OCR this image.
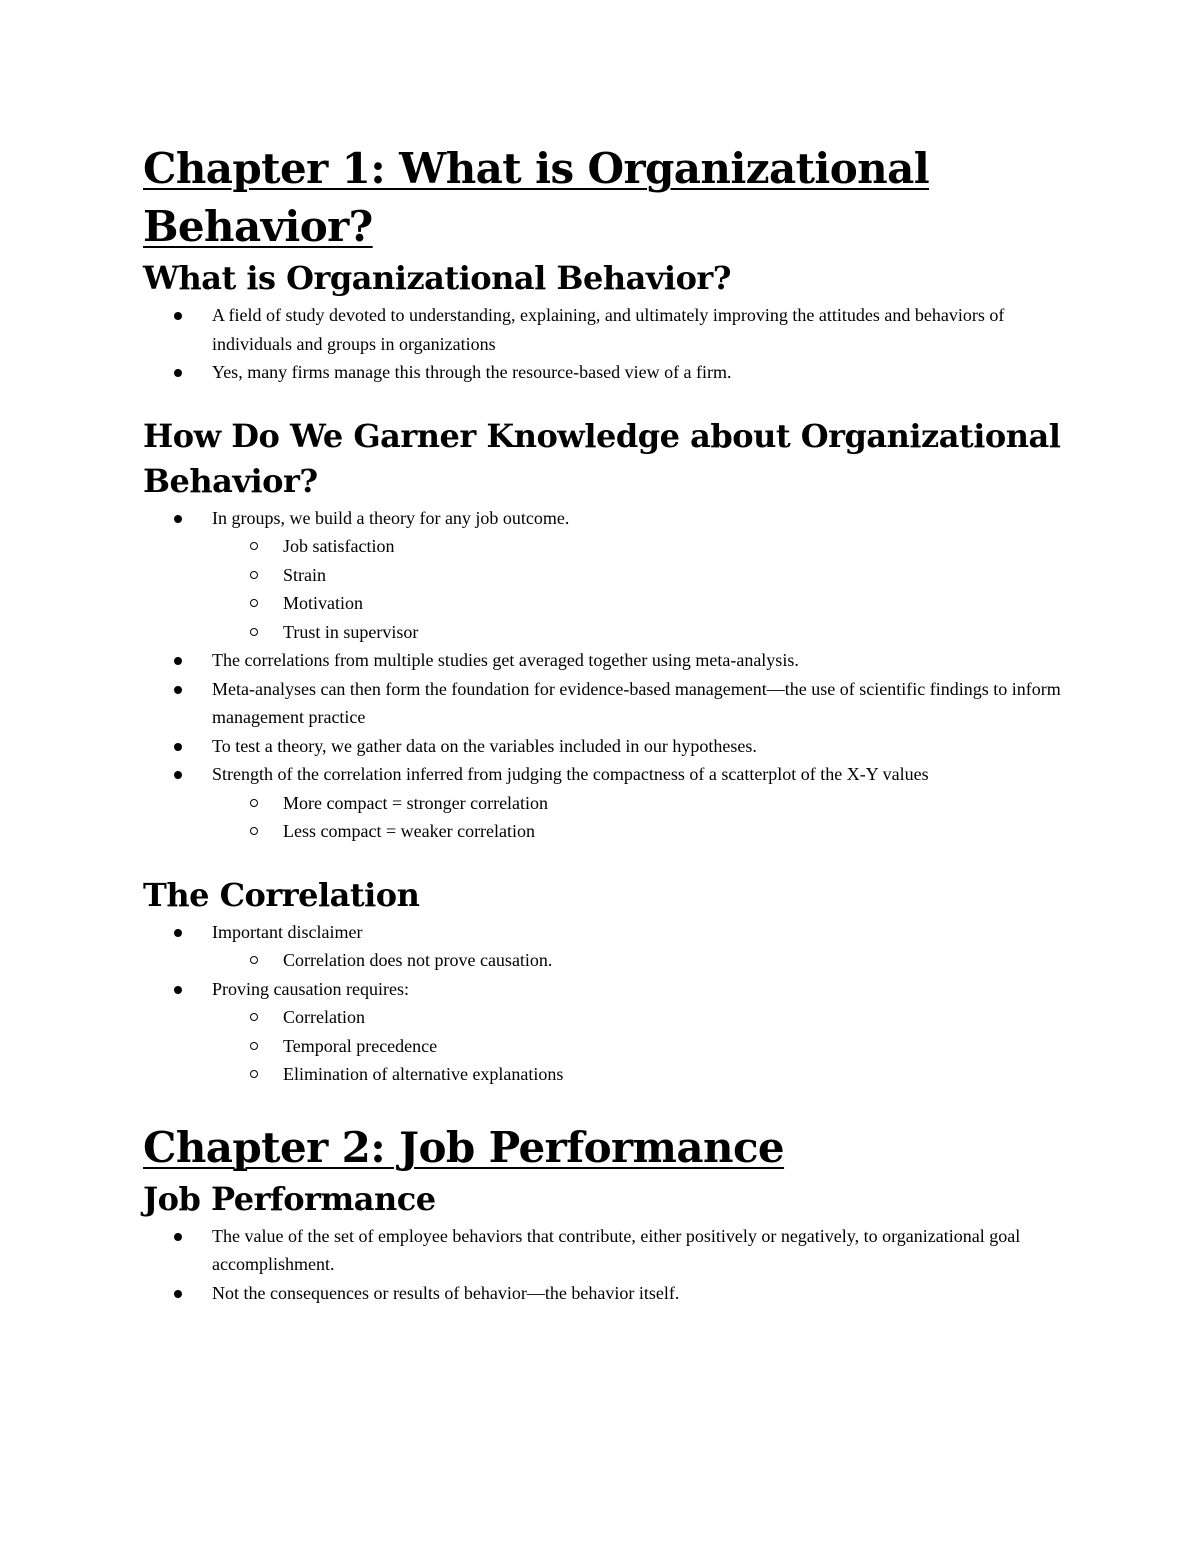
Chapter 1: What is Organizational Behavior?
What is Organizational Behavior?
A field of study devoted to understanding, explaining, and ultimately improving the attitudes and behaviors of individuals and groups in organizations
Yes, many firms manage this through the resource-based view of a firm.
How Do We Garner Knowledge about Organizational Behavior?
In groups, we build a theory for any job outcome.
Job satisfaction
Strain
Motivation
Trust in supervisor
The correlations from multiple studies get averaged together using meta-analysis.
Meta-analyses can then form the foundation for evidence-based management—the use of scientific findings to inform management practice
To test a theory, we gather data on the variables included in our hypotheses.
Strength of the correlation inferred from judging the compactness of a scatterplot of the X-Y values
More compact = stronger correlation
Less compact = weaker correlation
The Correlation
Important disclaimer
Correlation does not prove causation.
Proving causation requires:
Correlation
Temporal precedence
Elimination of alternative explanations
Chapter 2: Job Performance
Job Performance
The value of the set of employee behaviors that contribute, either positively or negatively, to organizational goal accomplishment.
Not the consequences or results of behavior—the behavior itself.
